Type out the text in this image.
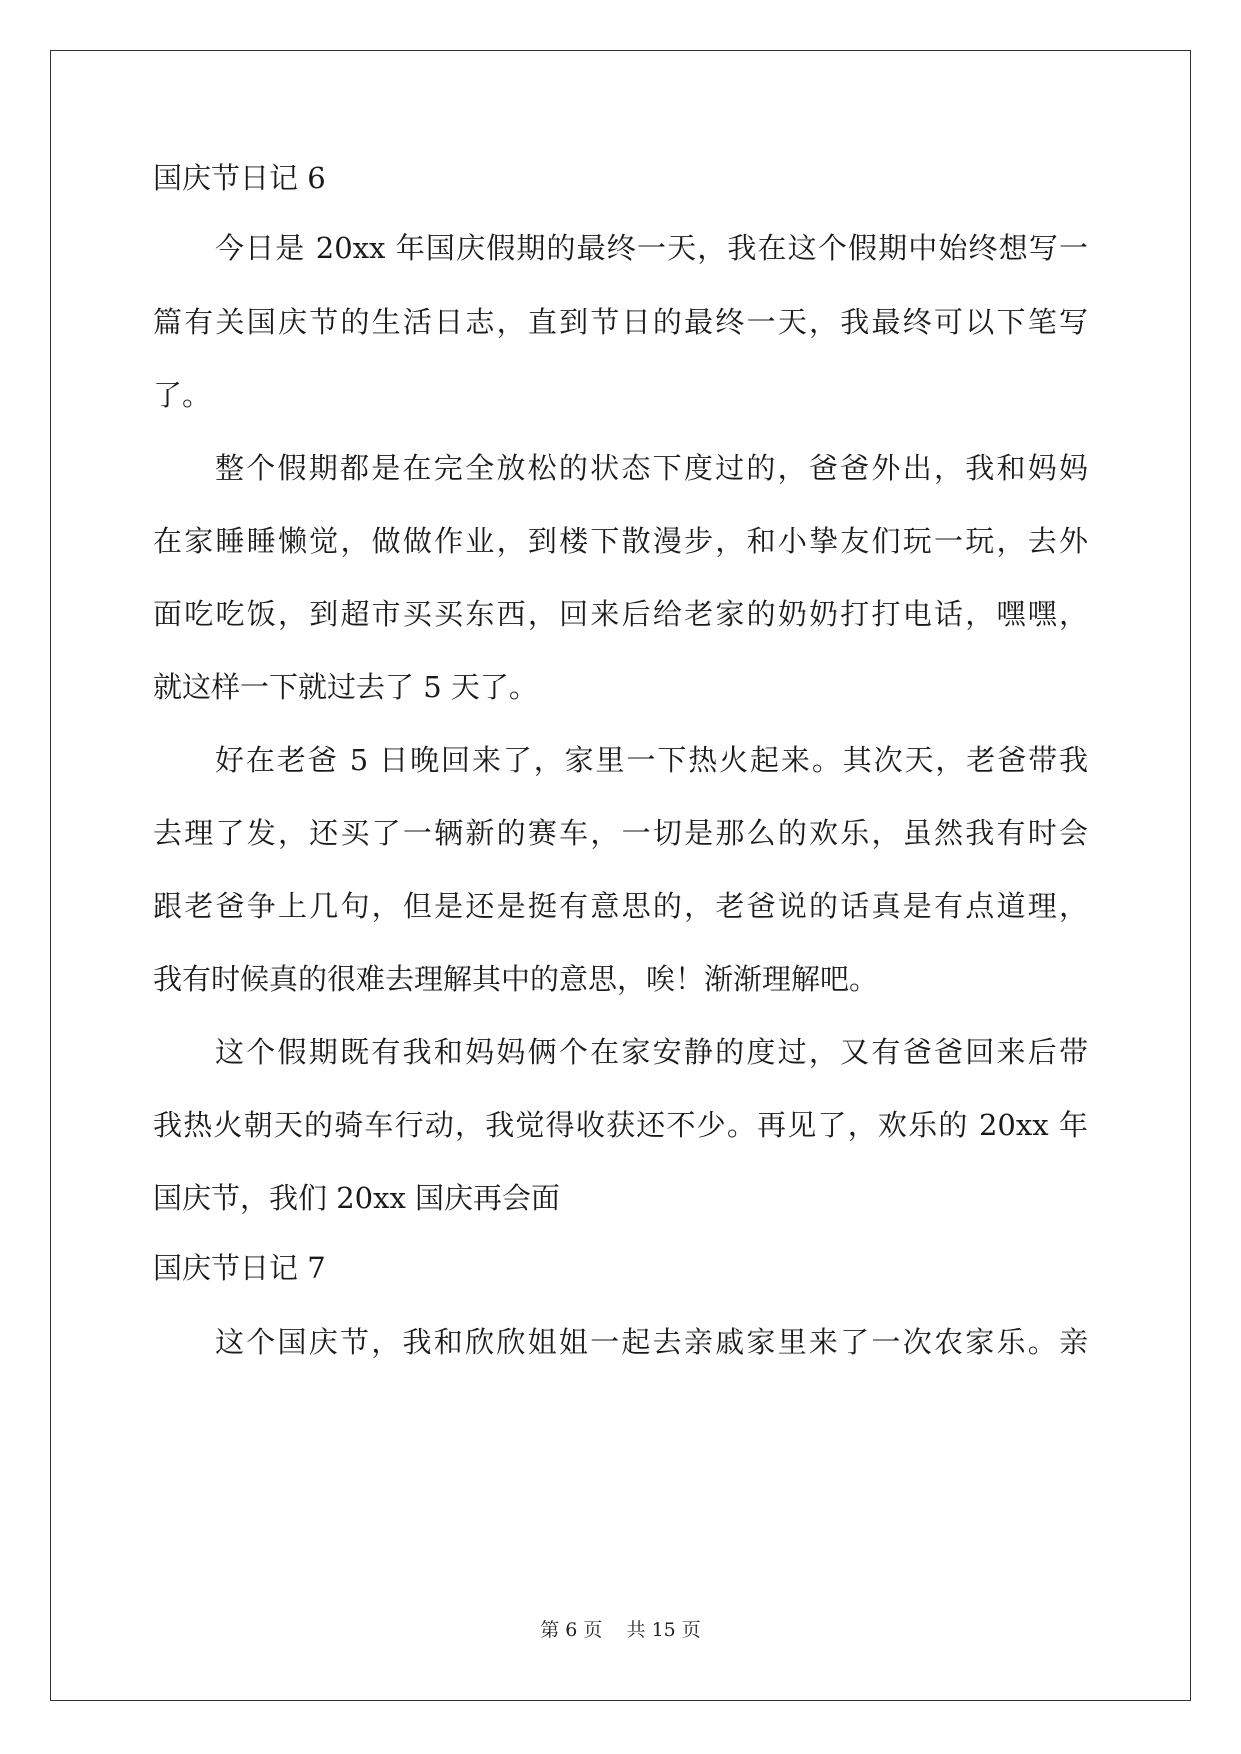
国庆节日记 6
今日是 20xx 年国庆假期的最终一天，我在这个假期中始终想写一
篇有关国庆节的生活日志，直到节日的最终一天，我最终可以下笔写
了。
整个假期都是在完全放松的状态下度过的，爸爸外出，我和妈妈
在家睡睡懒觉，做做作业，到楼下散漫步，和小挚友们玩一玩，去外
面吃吃饭，到超市买买东西，回来后给老家的奶奶打打电话，嘿嘿，
就这样一下就过去了 5 天了。
好在老爸 5 日晚回来了，家里一下热火起来。其次天，老爸带我
去理了发，还买了一辆新的赛车，一切是那么的欢乐，虽然我有时会
跟老爸争上几句，但是还是挺有意思的，老爸说的话真是有点道理，
我有时候真的很难去理解其中的意思，唉！渐渐理解吧。
这个假期既有我和妈妈俩个在家安静的度过，又有爸爸回来后带
我热火朝天的骑车行动，我觉得收获还不少。再见了，欢乐的 20xx 年
国庆节，我们 20xx 国庆再会面
国庆节日记 7
这个国庆节，我和欣欣姐姐一起去亲戚家里来了一次农家乐。亲
第 6 页 共 15 页
